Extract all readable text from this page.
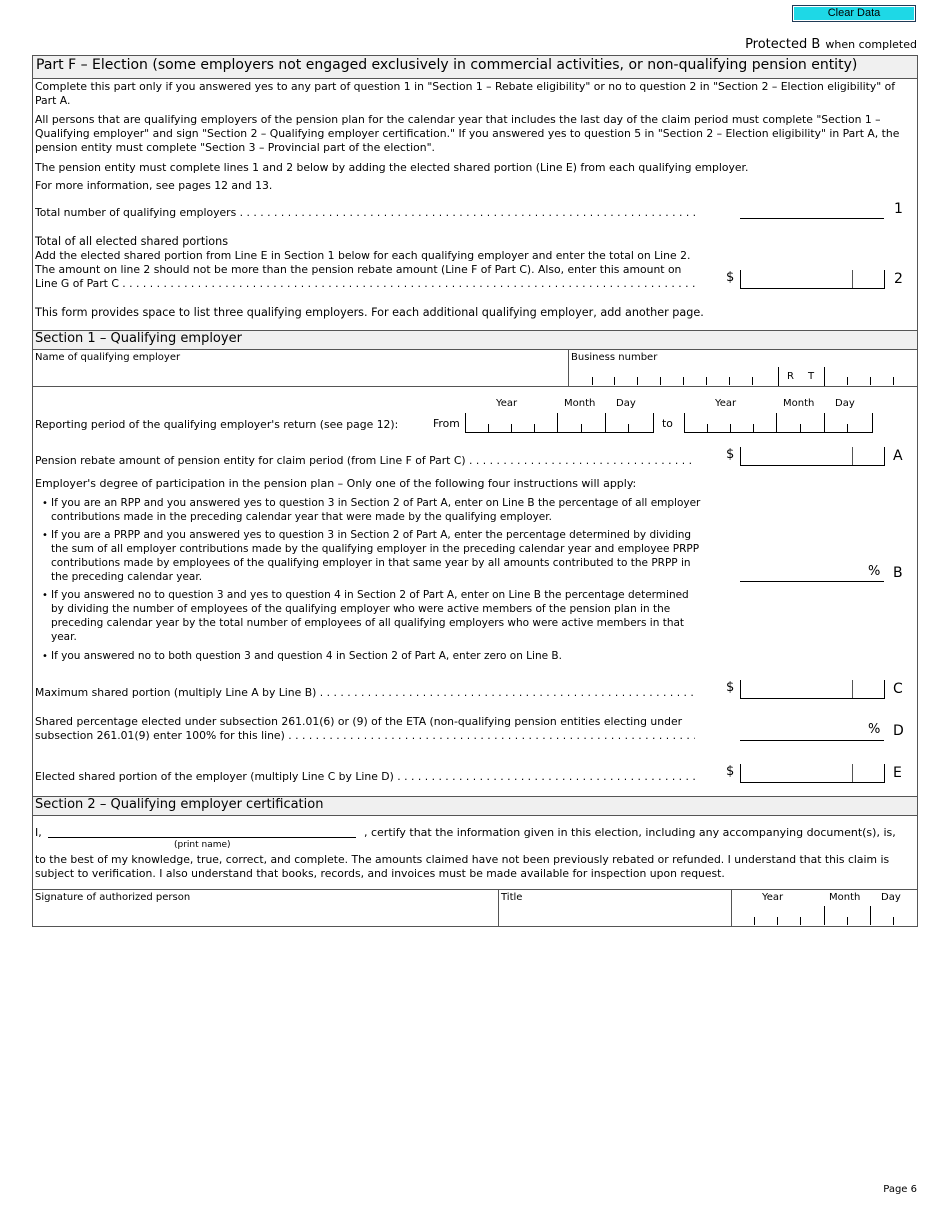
Clear Data
Protected B when completed
Part F – Election (some employers not engaged exclusively in commercial activities, or non-qualifying pension entity)
Complete this part only if you answered yes to any part of question 1 in "Section 1 – Rebate eligibility" or no to question 2 in "Section 2 – Election eligibility" of Part A.
All persons that are qualifying employers of the pension plan for the calendar year that includes the last day of the claim period must complete "Section 1 – Qualifying employer" and sign "Section 2 – Qualifying employer certification." If you answered yes to question 5 in "Section 2 – Election eligibility" in Part A, the pension entity must complete "Section 3 – Provincial part of the election".
The pension entity must complete lines 1 and 2 below by adding the elected shared portion (Line E) from each qualifying employer.
For more information, see pages 12 and 13.
Total number of qualifying employers . . .	1
Total of all elected shared portions
Add the elected shared portion from Line E in Section 1 below for each qualifying employer and enter the total on Line 2.
The amount on line 2 should not be more than the pension rebate amount (Line F of Part C). Also, enter this amount on
Line G of Part C . . .	$	2
This form provides space to list three qualifying employers. For each additional qualifying employer, add another page.
Section 1 – Qualifying employer
Name of qualifying employer	Business number
R T
Year	Month Day	Year	Month Day
Reporting period of the qualifying employer's return (see page 12):	From	to
Pension rebate amount of pension entity for claim period (from Line F of Part C) . . .	$	A
Employer's degree of participation in the pension plan – Only one of the following four instructions will apply:
• If you are an RPP and you answered yes to question 3 in Section 2 of Part A, enter on Line B the percentage of all employer contributions made in the preceding calendar year that were made by the qualifying employer.
• If you are a PRPP and you answered yes to question 3 in Section 2 of Part A, enter the percentage determined by dividing the sum of all employer contributions made by the qualifying employer in the preceding calendar year and employee PRPP contributions made by employees of the qualifying employer in that same year by all amounts contributed to the PRPP in the preceding calendar year.
• If you answered no to question 3 and yes to question 4 in Section 2 of Part A, enter on Line B the percentage determined by dividing the number of employees of the qualifying employer who were active members of the pension plan in the preceding calendar year by the total number of employees of all qualifying employers who were active members in that year.
• If you answered no to both question 3 and question 4 in Section 2 of Part A, enter zero on Line B.
% B
Maximum shared portion (multiply Line A by Line B) . . .	$	C
Shared percentage elected under subsection 261.01(6) or (9) of the ETA (non-qualifying pension entities electing under
subsection 261.01(9) enter 100% for this line) . . .	% D
Elected shared portion of the employer (multiply Line C by Line D) . . .	$	E
Section 2 – Qualifying employer certification
I,
(print name)
, certify that the information given in this election, including any accompanying document(s), is,
to the best of my knowledge, true, correct, and complete. The amounts claimed have not been previously rebated or refunded. I understand that this claim is
subject to verification. I also understand that books, records, and invoices must be made available for inspection upon request.
Signature of authorized person	Title	Year	Month Day
Page 6
